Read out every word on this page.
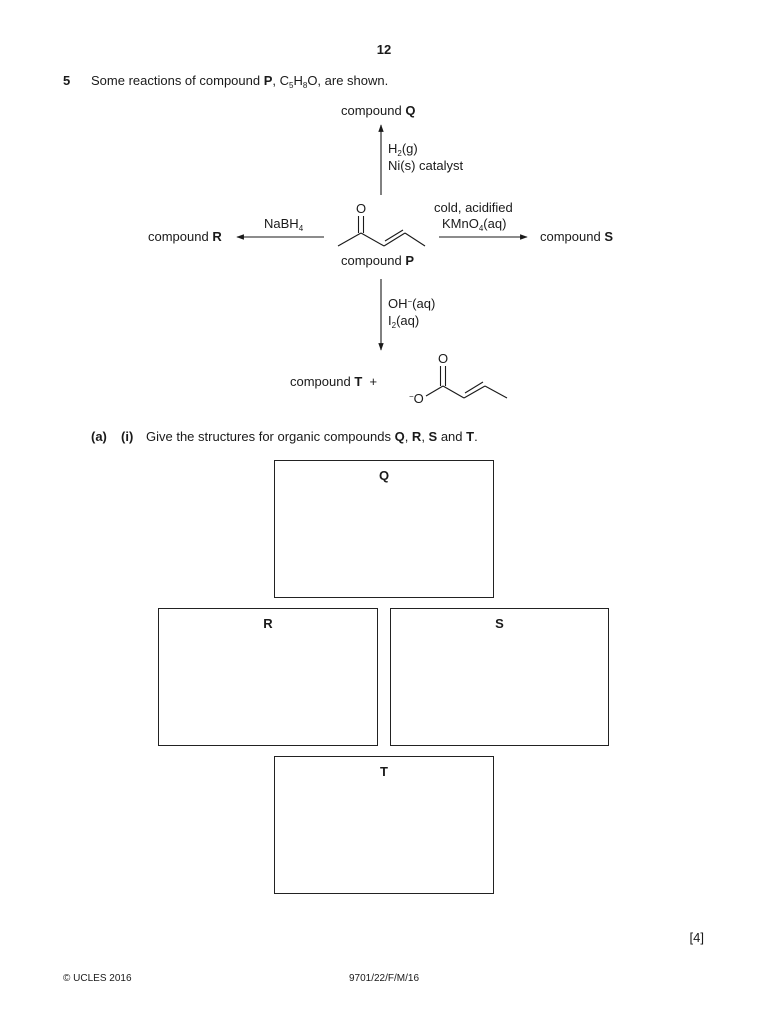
12
5 Some reactions of compound P, $C_5H_8O$, are shown.
compound Q
$H_2(g)$
Ni(s) catalyst
O
NaBH$_4$
cold, acidified
KMnO$_4$(aq)
compound R	compound S
compound P
OH−(aq)
$I_2(aq)$
compound T +
O
−O
(a) (i) Give the structures for organic compounds Q, R, S and T.
Q
R	S
T
[4]
© UCLES 2016	9701/22/F/M/16
